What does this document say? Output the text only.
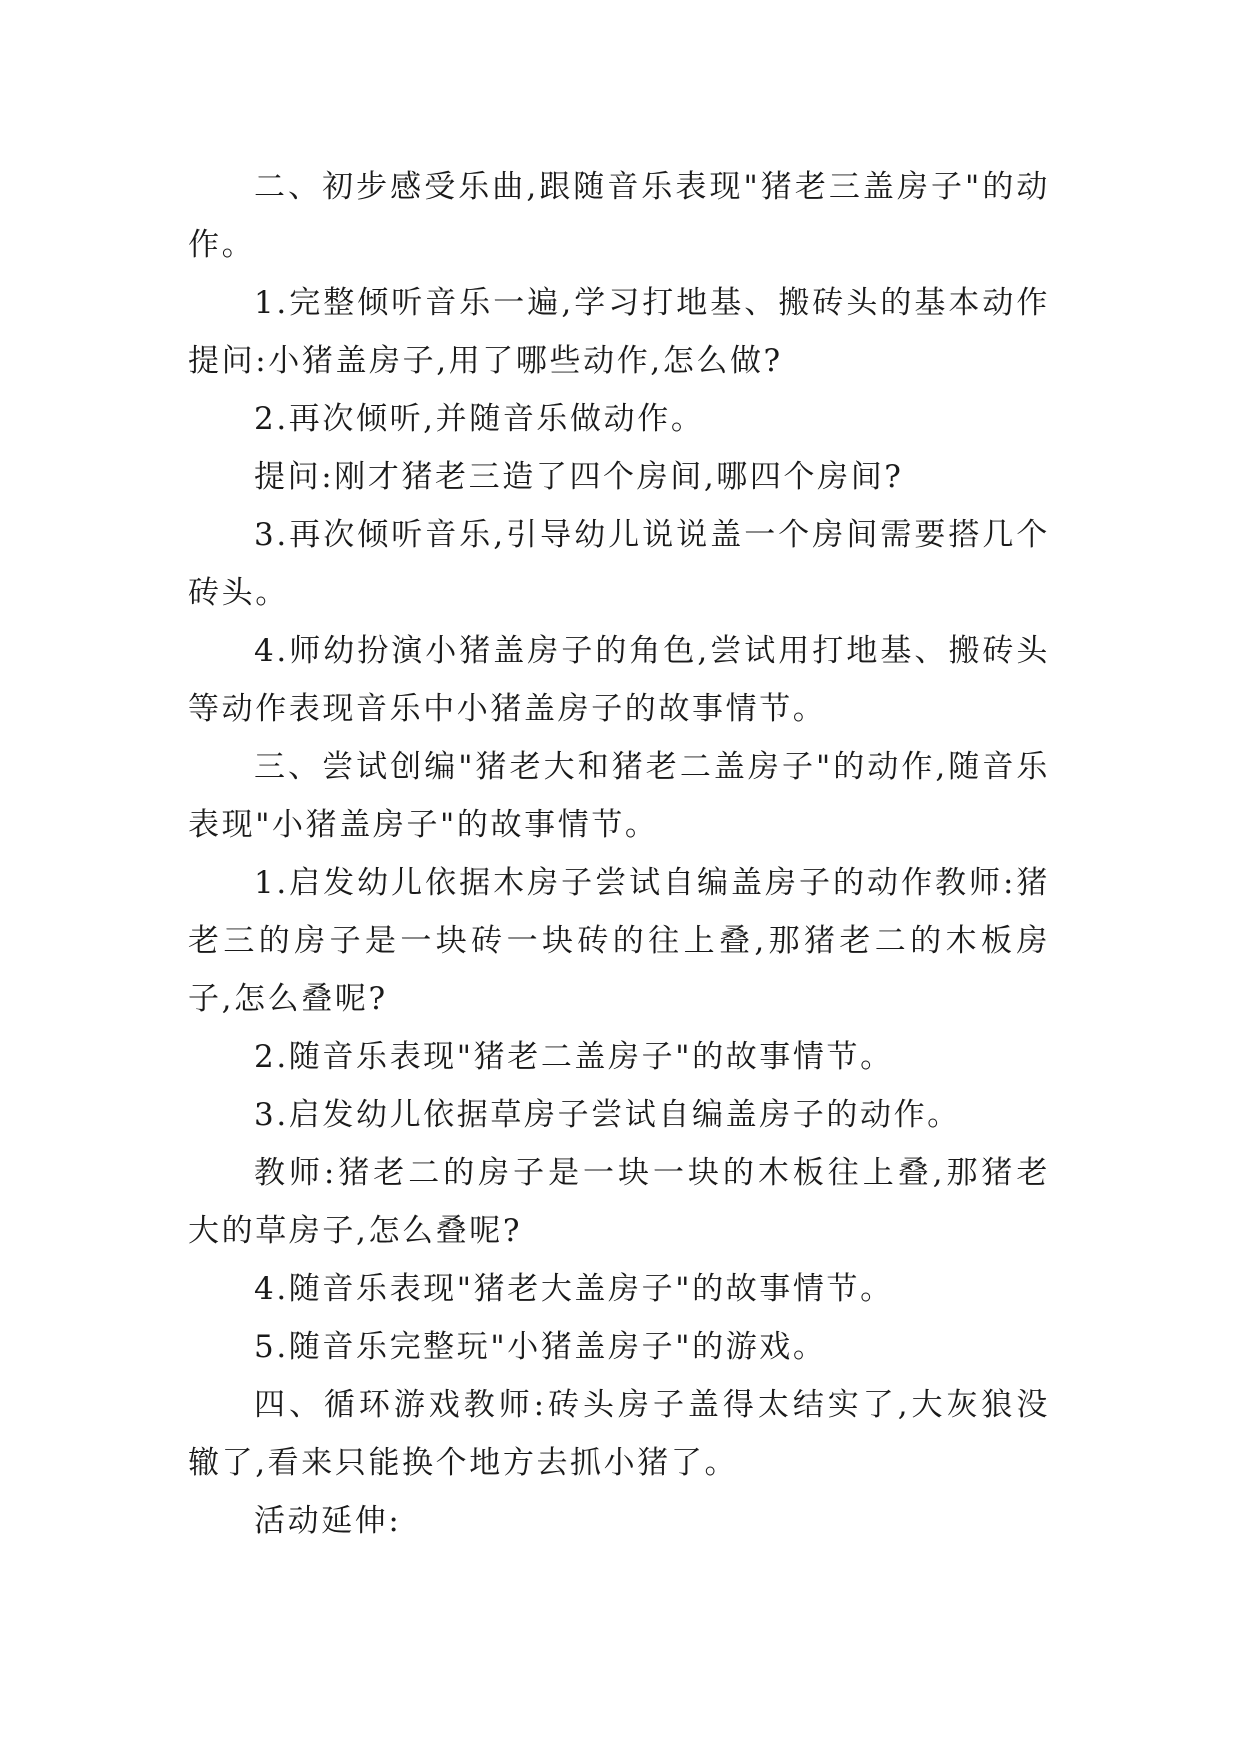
二、初步感受乐曲,跟随音乐表现"猪老三盖房子"的动作。

1.完整倾听音乐一遍,学习打地基、搬砖头的基本动作提问:小猪盖房子,用了哪些动作,怎么做?

2.再次倾听,并随音乐做动作。

提问:刚才猪老三造了四个房间,哪四个房间?

3.再次倾听音乐,引导幼儿说说盖一个房间需要搭几个砖头。

4.师幼扮演小猪盖房子的角色,尝试用打地基、搬砖头等动作表现音乐中小猪盖房子的故事情节。

三、尝试创编"猪老大和猪老二盖房子"的动作,随音乐表现"小猪盖房子"的故事情节。

1.启发幼儿依据木房子尝试自编盖房子的动作教师:猪老三的房子是一块砖一块砖的往上叠,那猪老二的木板房子,怎么叠呢?

2.随音乐表现"猪老二盖房子"的故事情节。

3.启发幼儿依据草房子尝试自编盖房子的动作。

教师:猪老二的房子是一块一块的木板往上叠,那猪老大的草房子,怎么叠呢?

4.随音乐表现"猪老大盖房子"的故事情节。

5.随音乐完整玩"小猪盖房子"的游戏。

四、循环游戏教师:砖头房子盖得太结实了,大灰狼没辙了,看来只能换个地方去抓小猪了。

活动延伸:
